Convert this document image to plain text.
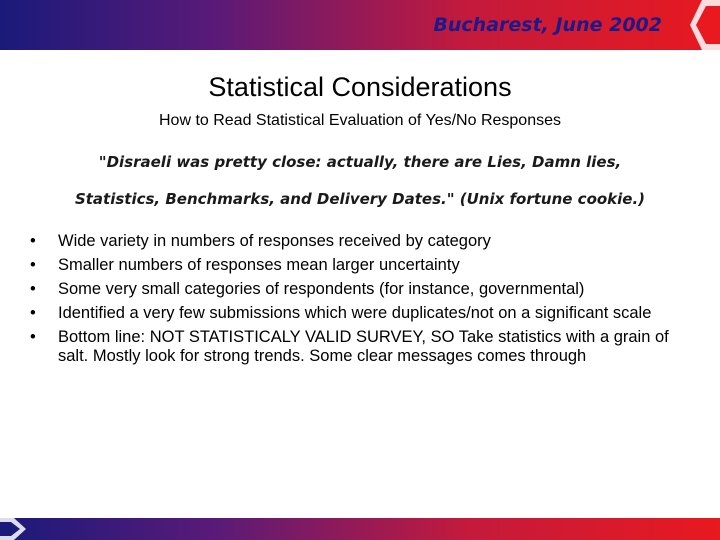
Bucharest, June 2002
Statistical Considerations
How to Read Statistical Evaluation of Yes/No Responses

"Disraeli was pretty close: actually, there are Lies, Damn lies,

Statistics, Benchmarks, and Delivery Dates." (Unix fortune cookie.)

• Wide variety in numbers of responses received by category
• Smaller numbers of responses mean larger uncertainty
• Some very small categories of respondents (for instance, governmental)
• Identified a very few submissions which were duplicates/not on a significant scale
• Bottom line: NOT STATISTICALY VALID SURVEY, SO Take statistics with a grain of salt. Mostly look for strong trends. Some clear messages comes through
